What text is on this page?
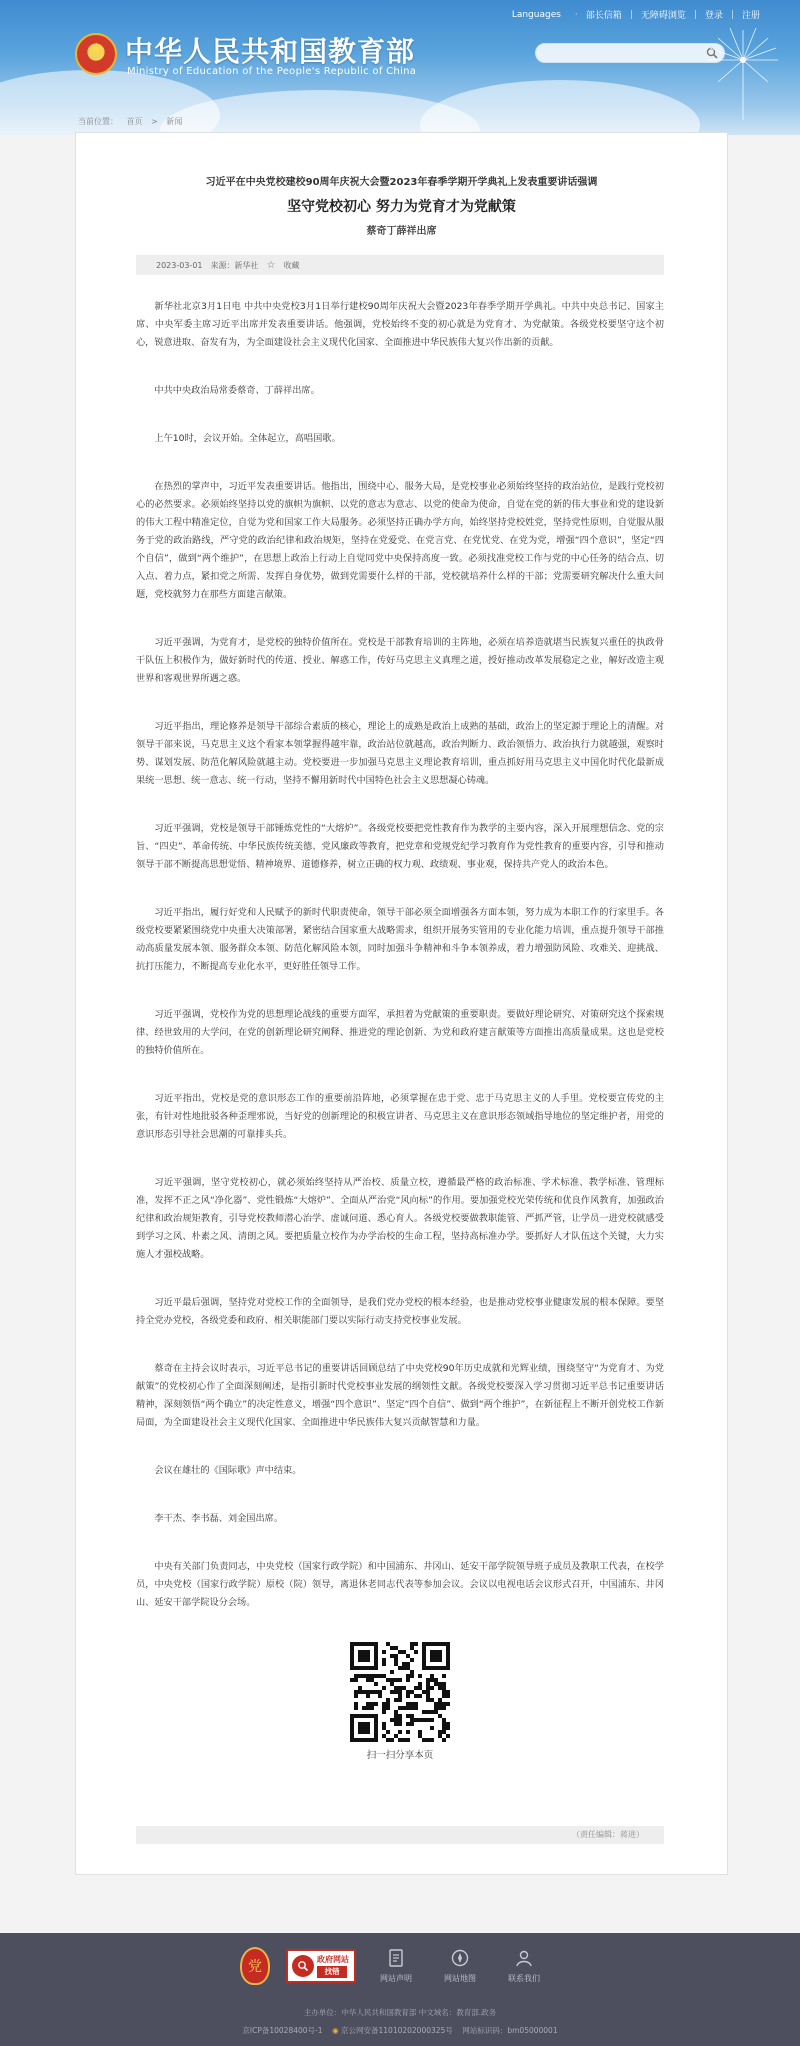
★ 中华人民共和国教育部
Ministry of Education of the People's Republic of China
Languages · 部长信箱 | 无障碍浏览 | 登录 | 注册
当前位置： 首页 > 新闻
习近平在中央党校建校90周年庆祝大会暨2023年春季学期开学典礼上发表重要讲话强调
坚守党校初心 努力为党育才为党献策
蔡奇丁薛祥出席
2023-03-01 来源：新华社 ☆ 收藏

新华社北京3月1日电 中共中央党校3月1日举行建校90周年庆祝大会暨2023年春季学期开学典礼。中共中央总书记、国家主席、中央军委主席习近平出席并发表重要讲话。他强调，党校始终不变的初心就是为党育才、为党献策。各级党校要坚守这个初心，锐意进取、奋发有为，为全面建设社会主义现代化国家、全面推进中华民族伟大复兴作出新的贡献。

中共中央政治局常委蔡奇、丁薛祥出席。

上午10时，会议开始。全体起立，高唱国歌。

在热烈的掌声中，习近平发表重要讲话。他指出，围绕中心、服务大局，是党校事业必须始终坚持的政治站位，是践行党校初心的必然要求。必须始终坚持以党的旗帜为旗帜、以党的意志为意志、以党的使命为使命，自觉在党的新的伟大事业和党的建设新的伟大工程中精准定位，自觉为党和国家工作大局服务。必须坚持正确办学方向，始终坚持党校姓党，坚持党性原则，自觉服从服务于党的政治路线，严守党的政治纪律和政治规矩，坚持在党爱党、在党言党、在党忧党、在党为党，增强“四个意识”，坚定“四个自信”，做到“两个维护”，在思想上政治上行动上自觉同党中央保持高度一致。必须找准党校工作与党的中心任务的结合点、切入点、着力点，紧扣党之所需、发挥自身优势，做到党需要什么样的干部，党校就培养什么样的干部；党需要研究解决什么重大问题，党校就努力在那些方面建言献策。

习近平强调，为党育才，是党校的独特价值所在。党校是干部教育培训的主阵地，必须在培养造就堪当民族复兴重任的执政骨干队伍上积极作为，做好新时代的传道、授业、解惑工作，传好马克思主义真理之道，授好推动改革发展稳定之业，解好改造主观世界和客观世界所遇之惑。

习近平指出，理论修养是领导干部综合素质的核心，理论上的成熟是政治上成熟的基础，政治上的坚定源于理论上的清醒。对领导干部来说，马克思主义这个看家本领掌握得越牢靠，政治站位就越高，政治判断力、政治领悟力、政治执行力就越强，观察时势、谋划发展、防范化解风险就越主动。党校要进一步加强马克思主义理论教育培训，重点抓好用马克思主义中国化时代化最新成果统一思想、统一意志、统一行动，坚持不懈用新时代中国特色社会主义思想凝心铸魂。

习近平强调，党校是领导干部锤炼党性的“大熔炉”。各级党校要把党性教育作为教学的主要内容，深入开展理想信念、党的宗旨、“四史”、革命传统、中华民族传统美德、党风廉政等教育，把党章和党规党纪学习教育作为党性教育的重要内容，引导和推动领导干部不断提高思想觉悟、精神境界、道德修养，树立正确的权力观、政绩观、事业观，保持共产党人的政治本色。

习近平指出，履行好党和人民赋予的新时代职责使命，领导干部必须全面增强各方面本领，努力成为本职工作的行家里手。各级党校要紧紧围绕党中央重大决策部署，紧密结合国家重大战略需求，组织开展务实管用的专业化能力培训，重点提升领导干部推动高质量发展本领、服务群众本领、防范化解风险本领，同时加强斗争精神和斗争本领养成，着力增强防风险、攻难关、迎挑战、抗打压能力，不断提高专业化水平，更好胜任领导工作。

习近平强调，党校作为党的思想理论战线的重要方面军，承担着为党献策的重要职责。要做好理论研究、对策研究这个探索规律、经世致用的大学问，在党的创新理论研究阐释、推进党的理论创新、为党和政府建言献策等方面推出高质量成果。这也是党校的独特价值所在。

习近平指出，党校是党的意识形态工作的重要前沿阵地，必须掌握在忠于党、忠于马克思主义的人手里。党校要宣传党的主张，有针对性地批驳各种歪理邪说，当好党的创新理论的积极宣讲者、马克思主义在意识形态领域指导地位的坚定维护者，用党的意识形态引导社会思潮的可靠排头兵。

习近平强调，坚守党校初心，就必须始终坚持从严治校、质量立校，遵循最严格的政治标准、学术标准、教学标准、管理标准，发挥不正之风“净化器”、党性锻炼“大熔炉”、全面从严治党“风向标”的作用。要加强党校光荣传统和优良作风教育，加强政治纪律和政治规矩教育，引导党校教师潜心治学、虚诚问道、悉心育人。各级党校要做教职能管、严抓严管，让学员一进党校就感受到学习之风、朴素之风、清朗之风。要把质量立校作为办学治校的生命工程，坚持高标准办学。要抓好人才队伍这个关键，大力实施人才强校战略。

习近平最后强调，坚持党对党校工作的全面领导，是我们党办党校的根本经验，也是推动党校事业健康发展的根本保障。要坚持全党办党校，各级党委和政府、相关职能部门要以实际行动支持党校事业发展。

蔡奇在主持会议时表示，习近平总书记的重要讲话回顾总结了中央党校90年历史成就和光辉业绩，围绕坚守“为党育才、为党献策”的党校初心作了全面深刻阐述，是指引新时代党校事业发展的纲领性文献。各级党校要深入学习贯彻习近平总书记重要讲话精神，深刻领悟“两个确立”的决定性意义，增强“四个意识”、坚定“四个自信”、做到“两个维护”，在新征程上不断开创党校工作新局面，为全面建设社会主义现代化国家、全面推进中华民族伟大复兴贡献智慧和力量。

会议在雄壮的《国际歌》声中结束。

李干杰、李书磊、刘金国出席。

中央有关部门负责同志，中央党校（国家行政学院）和中国浦东、井冈山、延安干部学院领导班子成员及教职工代表，在校学员，中央党校（国家行政学院）原校（院）领导，离退休老同志代表等参加会议。会议以电视电话会议形式召开，中国浦东、井冈山、延安干部学院设分会场。

扫一扫分享本页
（责任编辑：蒋进）
党	政府网站
找错
网站声明	网站地图	联系我们
主办单位：中华人民共和国教育部 中文域名：教育部.政务
京ICP备10028400号-1 ◉ 京公网安备11010202000325号 网站标识码：bm05000001
